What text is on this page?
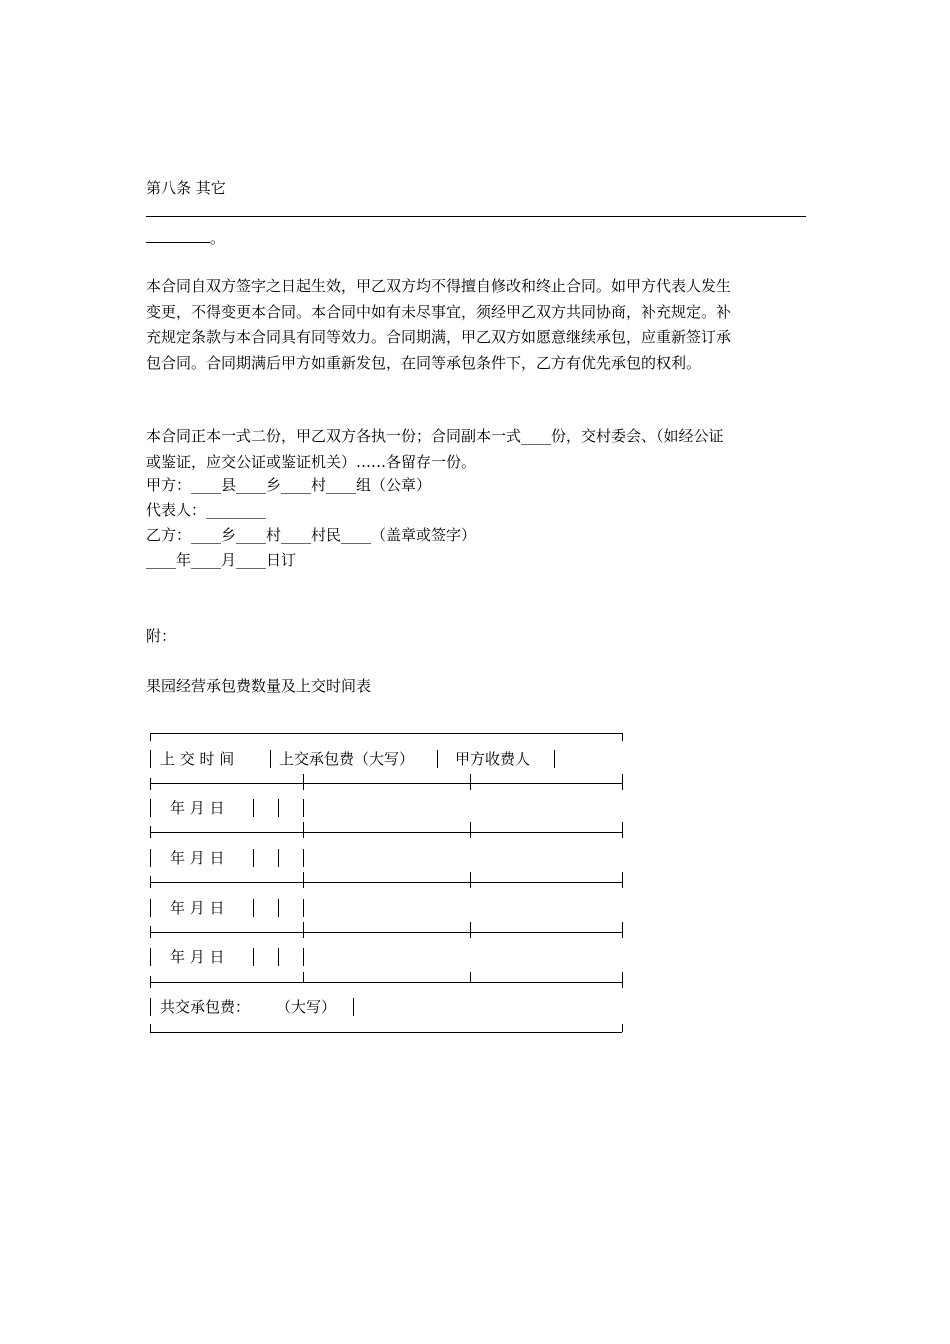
第八条 其它
。
本合同自双方签字之日起生效，甲乙双方均不得擅自修改和终止合同。如甲方代表人发生
变更，不得变更本合同。本合同中如有未尽事宜，须经甲乙双方共同协商，补充规定。补
充规定条款与本合同具有同等效力。合同期满，甲乙双方如愿意继续承包，应重新签订承
包合同。合同期满后甲方如重新发包，在同等承包条件下，乙方有优先承包的权利。
本合同正本一式二份，甲乙双方各执一份；合同副本一式____份，交村委会、（如经公证
或鉴证，应交公证或鉴证机关）……各留存一份。
甲方：____县____乡____村____组（公章）
代表人：________
乙方：____乡____村____村民____（盖章或签字）
____年____月____日订
附：
果园经营承包费数量及上交时间表
上 交 时 间	上交承包费（大写）	甲方收费人
年 月 日
年 月 日
年 月 日
年 月 日
共交承包费： （大写）
